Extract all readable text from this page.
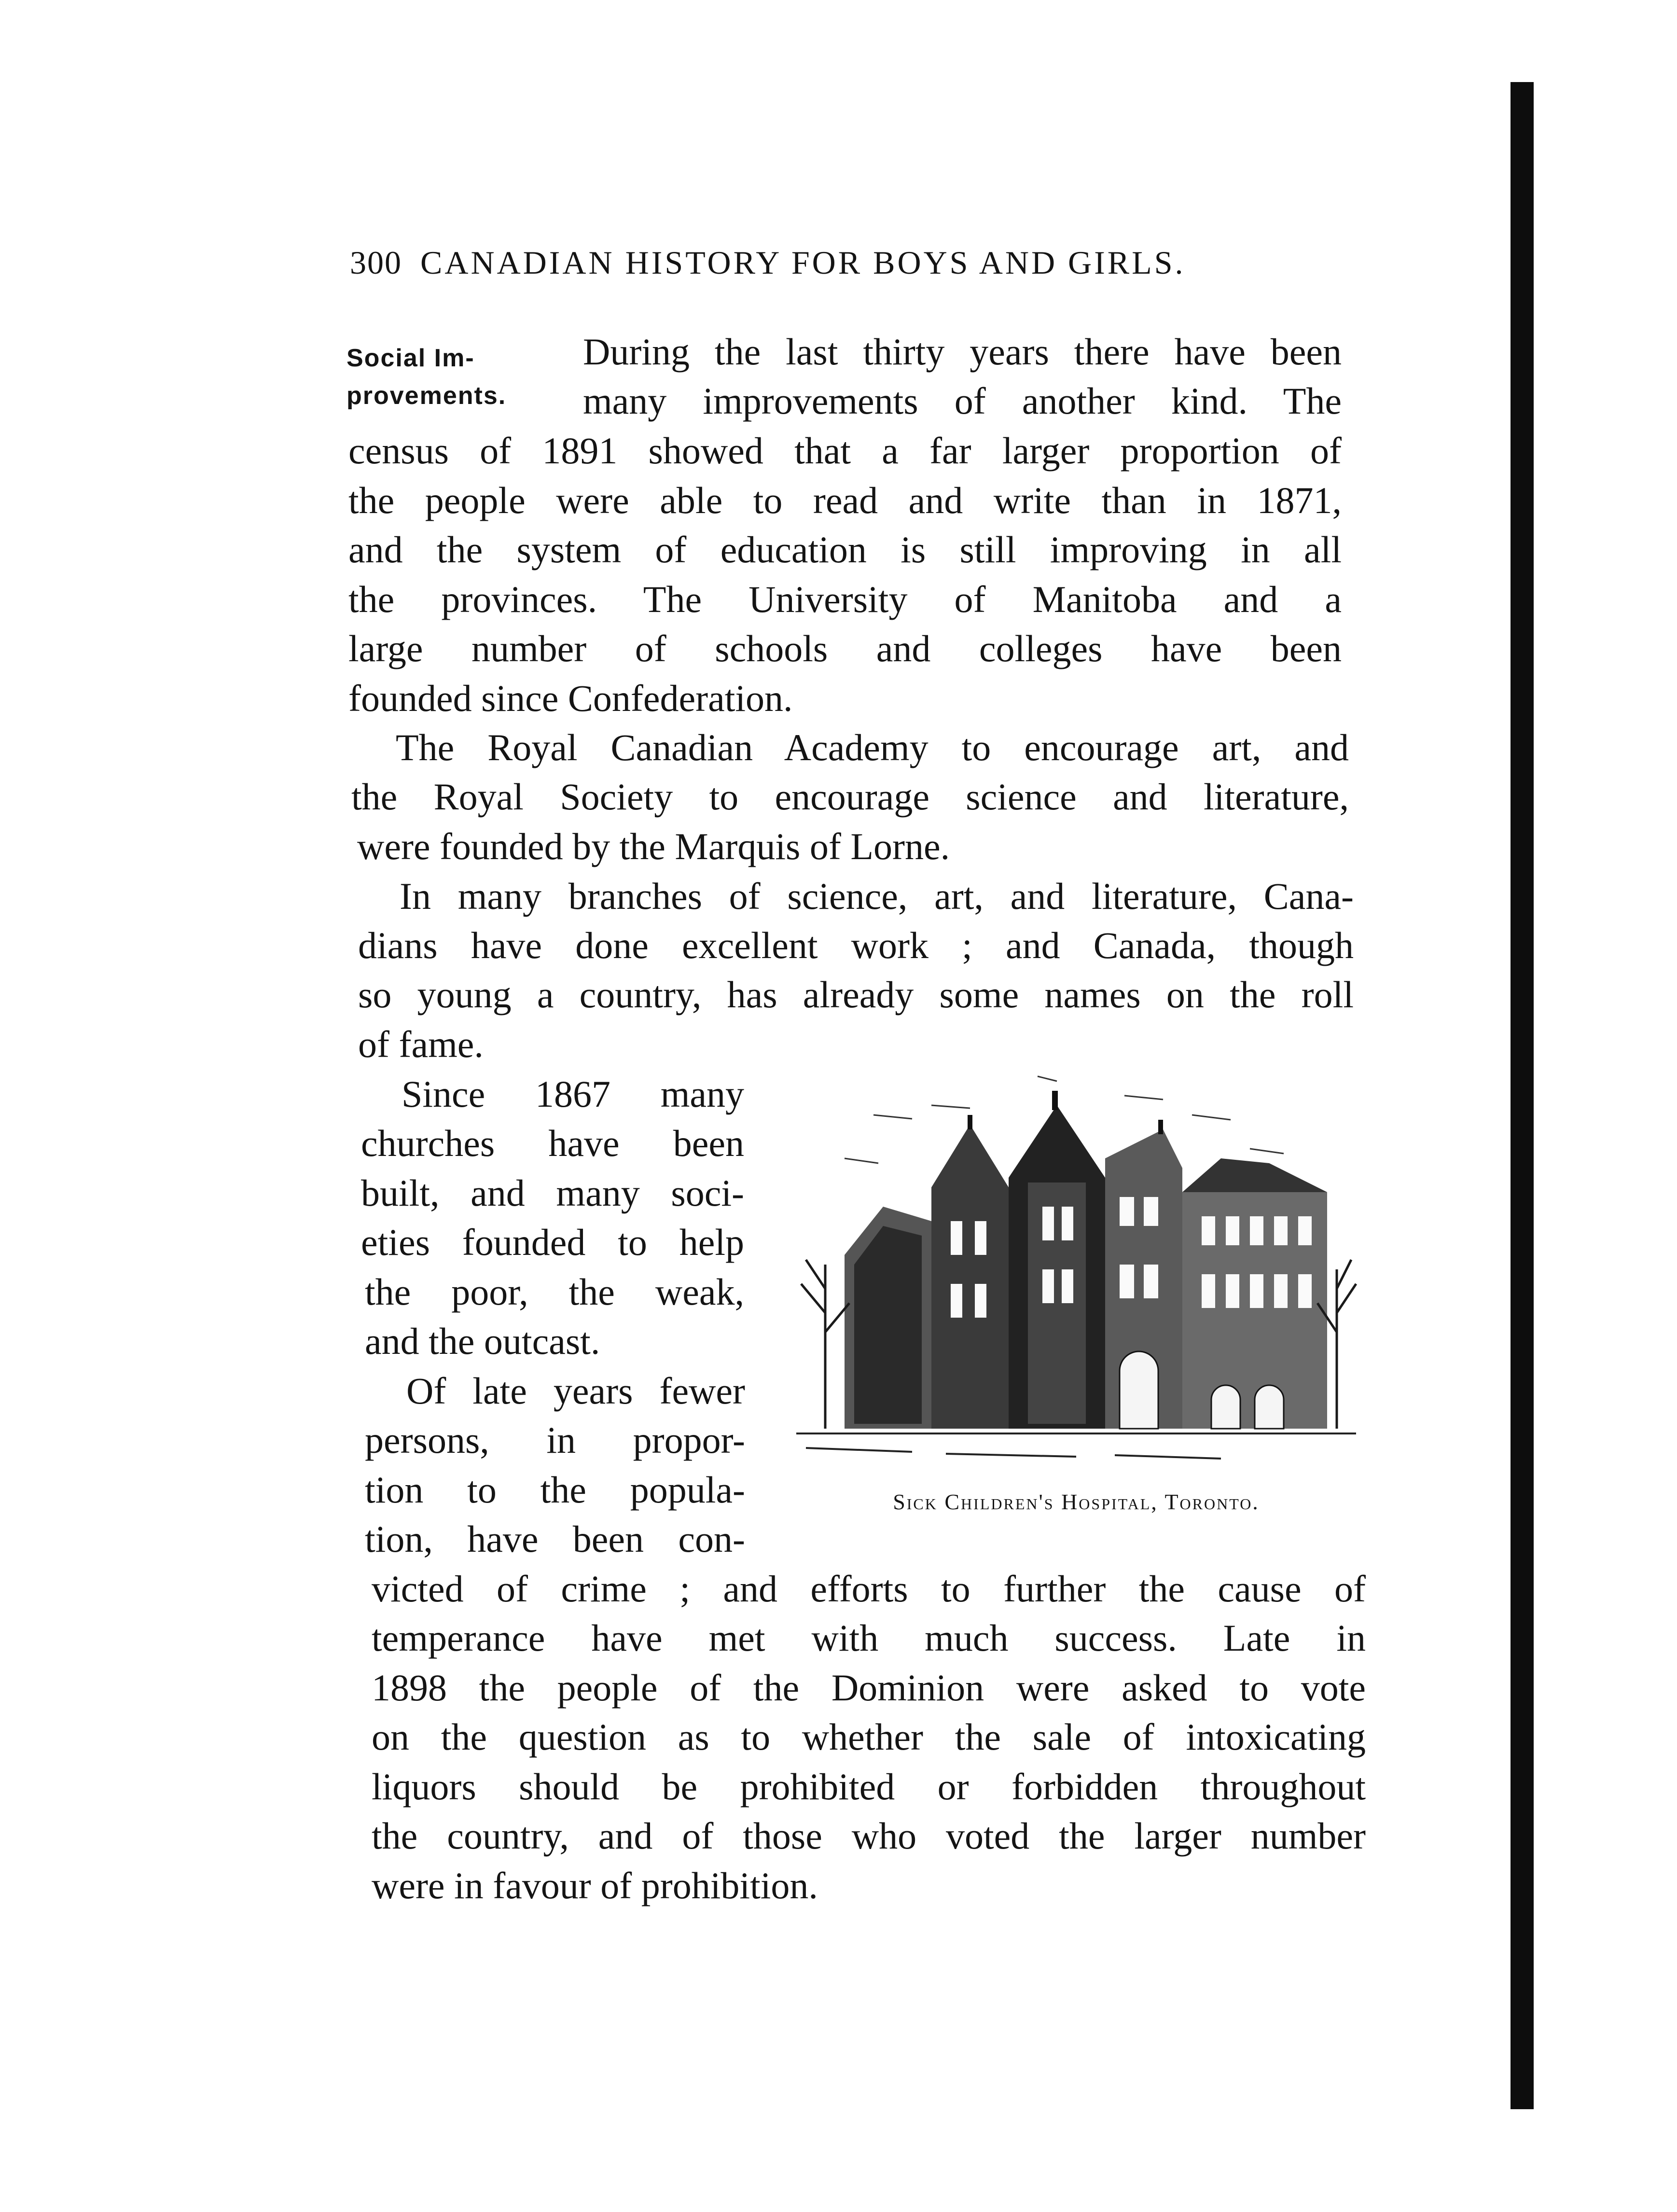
300 CANADIAN HISTORY FOR BOYS AND GIRLS.
Social Im-
provements.
During the last thirty years there have been
many improvements of another kind. The
census of 1891 showed that a far larger proportion of
the people were able to read and write than in 1871,
and the system of education is still improving in all
the provinces. The University of Manitoba and a
large number of schools and colleges have been
founded since Confederation.
The Royal Canadian Academy to encourage art, and
the Royal Society to encourage science and literature,
were founded by the Marquis of Lorne.
In many branches of science, art, and literature, Cana-
dians have done excellent work ; and Canada, though
so young a country, has already some names on the roll
of fame.
Since 1867 many
churches have been
built, and many soci-
eties founded to help
the poor, the weak,
and the outcast.
Of late years fewer
persons, in propor-
tion to the popula-
tion, have been con-
victed of crime ; and efforts to further the cause of
temperance have met with much success. Late in
1898 the people of the Dominion were asked to vote
on the question as to whether the sale of intoxicating
liquors should be prohibited or forbidden throughout
the country, and of those who voted the larger number
were in favour of prohibition.
Sick Children's Hospital, Toronto.
